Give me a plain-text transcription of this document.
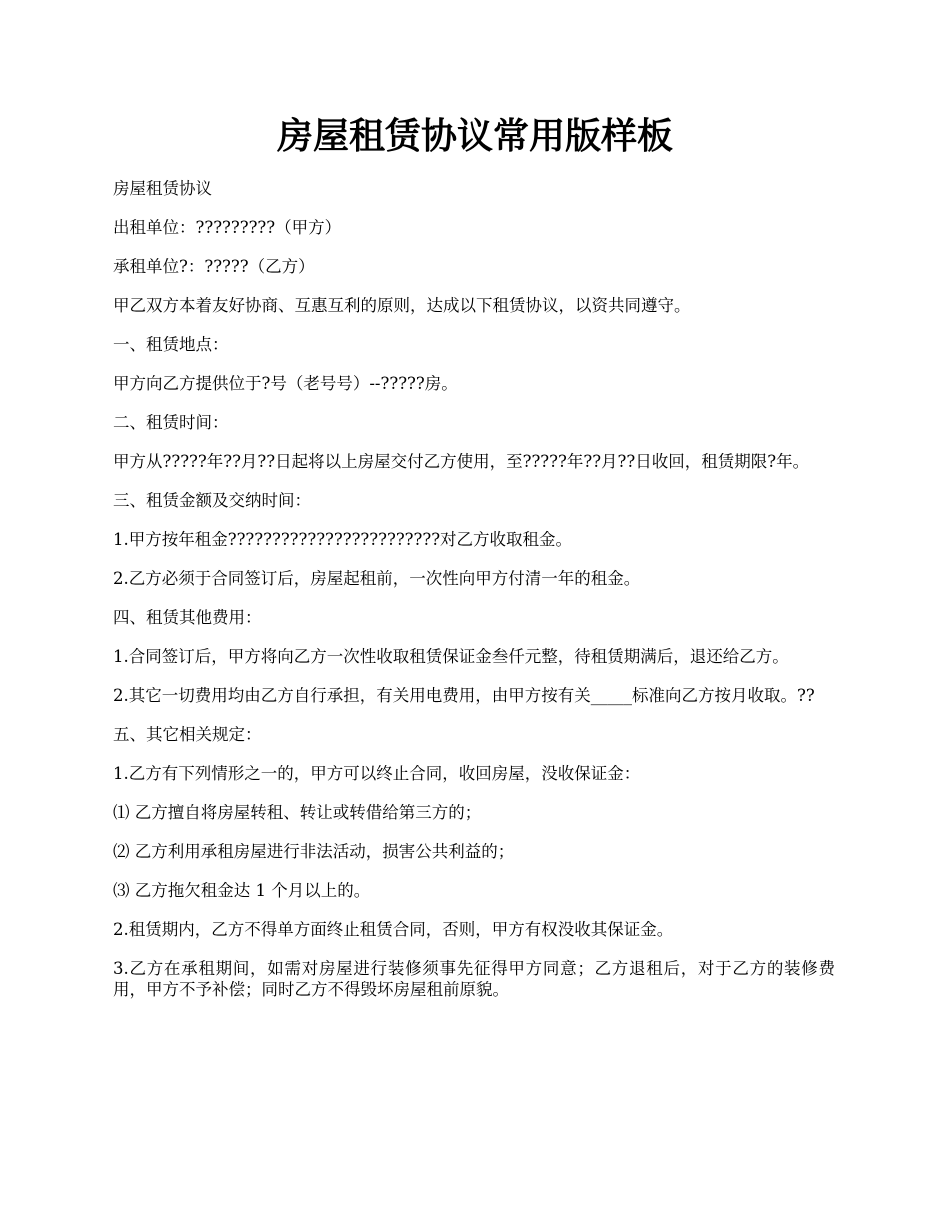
房屋租赁协议常用版样板

房屋租赁协议

出租单位：?????????（甲方）

承租单位?：?????（乙方）

甲乙双方本着友好协商、互惠互利的原则，达成以下租赁协议，以资共同遵守。

一、租赁地点：

甲方向乙方提供位于?号（老号号）--?????房。

二、租赁时间：

甲方从?????年??月??日起将以上房屋交付乙方使用，至?????年??月??日收回，租赁期限?年。

三、租赁金额及交纳时间：

1.甲方按年租金????????????????????????对乙方收取租金。

2.乙方必须于合同签订后，房屋起租前，一次性向甲方付清一年的租金。

四、租赁其他费用：

1.合同签订后，甲方将向乙方一次性收取租赁保证金叁仟元整，待租赁期满后，退还给乙方。

2.其它一切费用均由乙方自行承担，有关用电费用，由甲方按有关_____标准向乙方按月收取。??

五、其它相关规定：

1.乙方有下列情形之一的，甲方可以终止合同，收回房屋，没收保证金：

⑴ 乙方擅自将房屋转租、转让或转借给第三方的；

⑵ 乙方利用承租房屋进行非法活动，损害公共利益的；

⑶ 乙方拖欠租金达 1 个月以上的。

2.租赁期内，乙方不得单方面终止租赁合同，否则，甲方有权没收其保证金。

3.乙方在承租期间，如需对房屋进行装修须事先征得甲方同意；乙方退租后，对于乙方的装修费用，甲方不予补偿；同时乙方不得毁坏房屋租前原貌。
